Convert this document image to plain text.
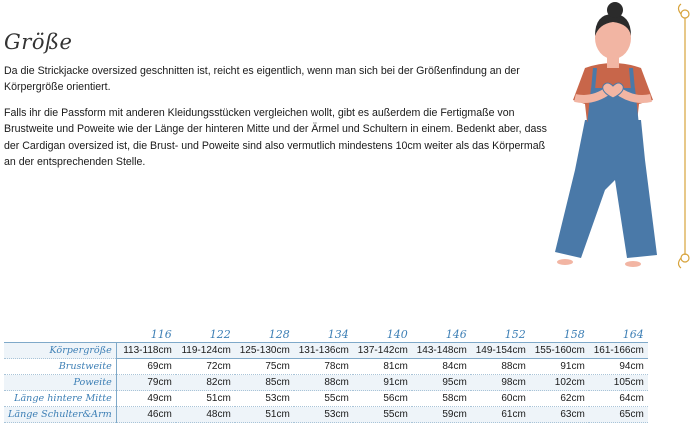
Größe

Da die Strickjacke oversized geschnitten ist, reicht es eigentlich, wenn man sich bei der Größenfindung an der Körpergröße orientiert.

Falls ihr die Passform mit anderen Kleidungsstücken vergleichen wollt, gibt es außerdem die Fertigmaße von Brustweite und Poweite wie der Länge der hinteren Mitte und der Ärmel und Schultern in einem. Bedenkt aber, dass der Cardigan oversized ist, die Brust- und Poweite sind also vermutlich mindestens 10cm weiter als das Körpermaß an der entsprechenden Stelle.

	116	122	128	134	140	146	152	158	164
Körpergröße	113-118cm	119-124cm	125-130cm	131-136cm	137-142cm	143-148cm	149-154cm	155-160cm	161-166cm
Brustweite	69cm	72cm	75cm	78cm	81cm	84cm	88cm	91cm	94cm
Poweite	79cm	82cm	85cm	88cm	91cm	95cm	98cm	102cm	105cm
Länge hintere Mitte	49cm	51cm	53cm	55cm	56cm	58cm	60cm	62cm	64cm
Länge Schulter&Arm	46cm	48cm	51cm	53cm	55cm	59cm	61cm	63cm	65cm
